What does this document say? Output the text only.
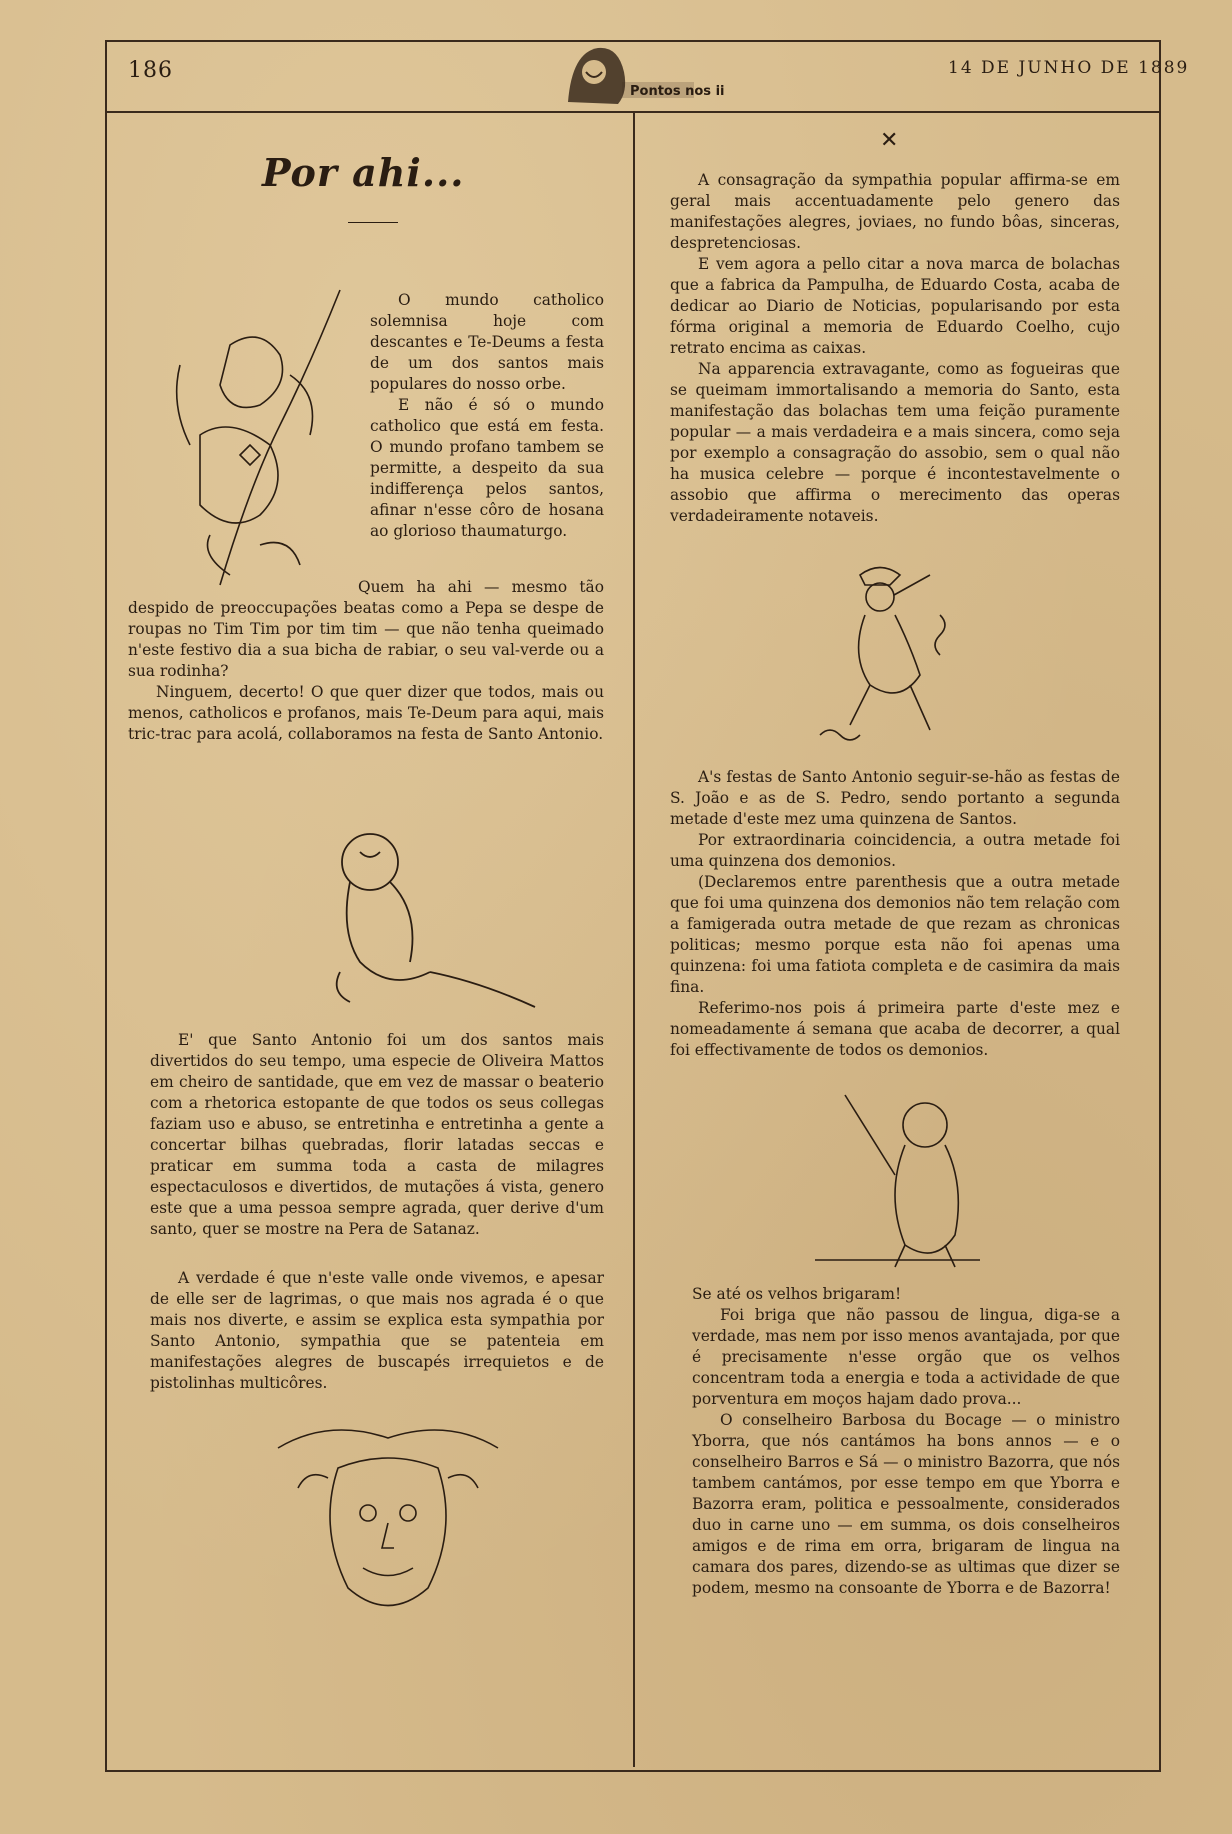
186
Pontos nos ii
14 DE JUNHO DE 1889
Por ahi...

O mundo catholico solemnisa hoje com descantes e Te-Deums a festa de um dos santos mais populares do nosso orbe.

E não é só o mundo catholico que está em festa. O mundo profano tambem se permitte, a despeito da sua indifferença pelos santos, afinar n'esse côro de hosana ao glorioso thaumaturgo.

Quem ha ahi — mesmo tão despido de preoccupações beatas como a Pepa se despe de roupas no Tim Tim por tim tim — que não tenha queimado n'este festivo dia a sua bicha de rabiar, o seu val-verde ou a sua rodinha?

Ninguem, decerto! O que quer dizer que todos, mais ou menos, catholicos e profanos, mais Te-Deum para aqui, mais tric-trac para acolá, collaboramos na festa de Santo Antonio.

E' que Santo Antonio foi um dos santos mais divertidos do seu tempo, uma especie de Oliveira Mattos em cheiro de santidade, que em vez de massar o beaterio com a rhetorica estopante de que todos os seus collegas faziam uso e abuso, se entretinha e entretinha a gente a concertar bilhas quebradas, florir latadas seccas e praticar em summa toda a casta de milagres espectaculosos e divertidos, de mutações á vista, genero este que a uma pessoa sempre agrada, quer derive d'um santo, quer se mostre na Pera de Satanaz.

A verdade é que n'este valle onde vivemos, e apesar de elle ser de lagrimas, o que mais nos agrada é o que mais nos diverte, e assim se explica esta sympathia por Santo Antonio, sympathia que se patenteia em manifestações alegres de buscapés irrequietos e de pistolinhas multicôres.

✕

A consagração da sympathia popular affirma-se em geral mais accentuadamente pelo genero das manifestações alegres, joviaes, no fundo bôas, sinceras, despretenciosas.

E vem agora a pello citar a nova marca de bolachas que a fabrica da Pampulha, de Eduardo Costa, acaba de dedicar ao Diario de Noticias, popularisando por esta fórma original a memoria de Eduardo Coelho, cujo retrato encima as caixas.

Na apparencia extravagante, como as fogueiras que se queimam immortalisando a memoria do Santo, esta manifestação das bolachas tem uma feição puramente popular — a mais verdadeira e a mais sincera, como seja por exemplo a consagração do assobio, sem o qual não ha musica celebre — porque é incontestavelmente o assobio que affirma o merecimento das operas verdadeiramente notaveis.

A's festas de Santo Antonio seguir-se-hão as festas de S. João e as de S. Pedro, sendo portanto a segunda metade d'este mez uma quinzena de Santos.

Por extraordinaria coincidencia, a outra metade foi uma quinzena dos demonios.

(Declaremos entre parenthesis que a outra metade que foi uma quinzena dos demonios não tem relação com a famigerada outra metade de que rezam as chronicas politicas; mesmo porque esta não foi apenas uma quinzena: foi uma fatiota completa e de casimira da mais fina.

Referimo-nos pois á primeira parte d'este mez e nomeadamente á semana que acaba de decorrer, a qual foi effectivamente de todos os demonios.

Se até os velhos brigaram!

Foi briga que não passou de lingua, diga-se a verdade, mas nem por isso menos avantajada, por que é precisamente n'esse orgão que os velhos concentram toda a energia e toda a actividade de que porventura em moços hajam dado prova...

O conselheiro Barbosa du Bocage — o ministro Yborra, que nós cantámos ha bons annos — e o conselheiro Barros e Sá — o ministro Bazorra, que nós tambem cantámos, por esse tempo em que Yborra e Bazorra eram, politica e pessoalmente, considerados duo in carne uno — em summa, os dois conselheiros amigos e de rima em orra, brigaram de lingua na camara dos pares, dizendo-se as ultimas que dizer se podem, mesmo na consoante de Yborra e de Bazorra!
